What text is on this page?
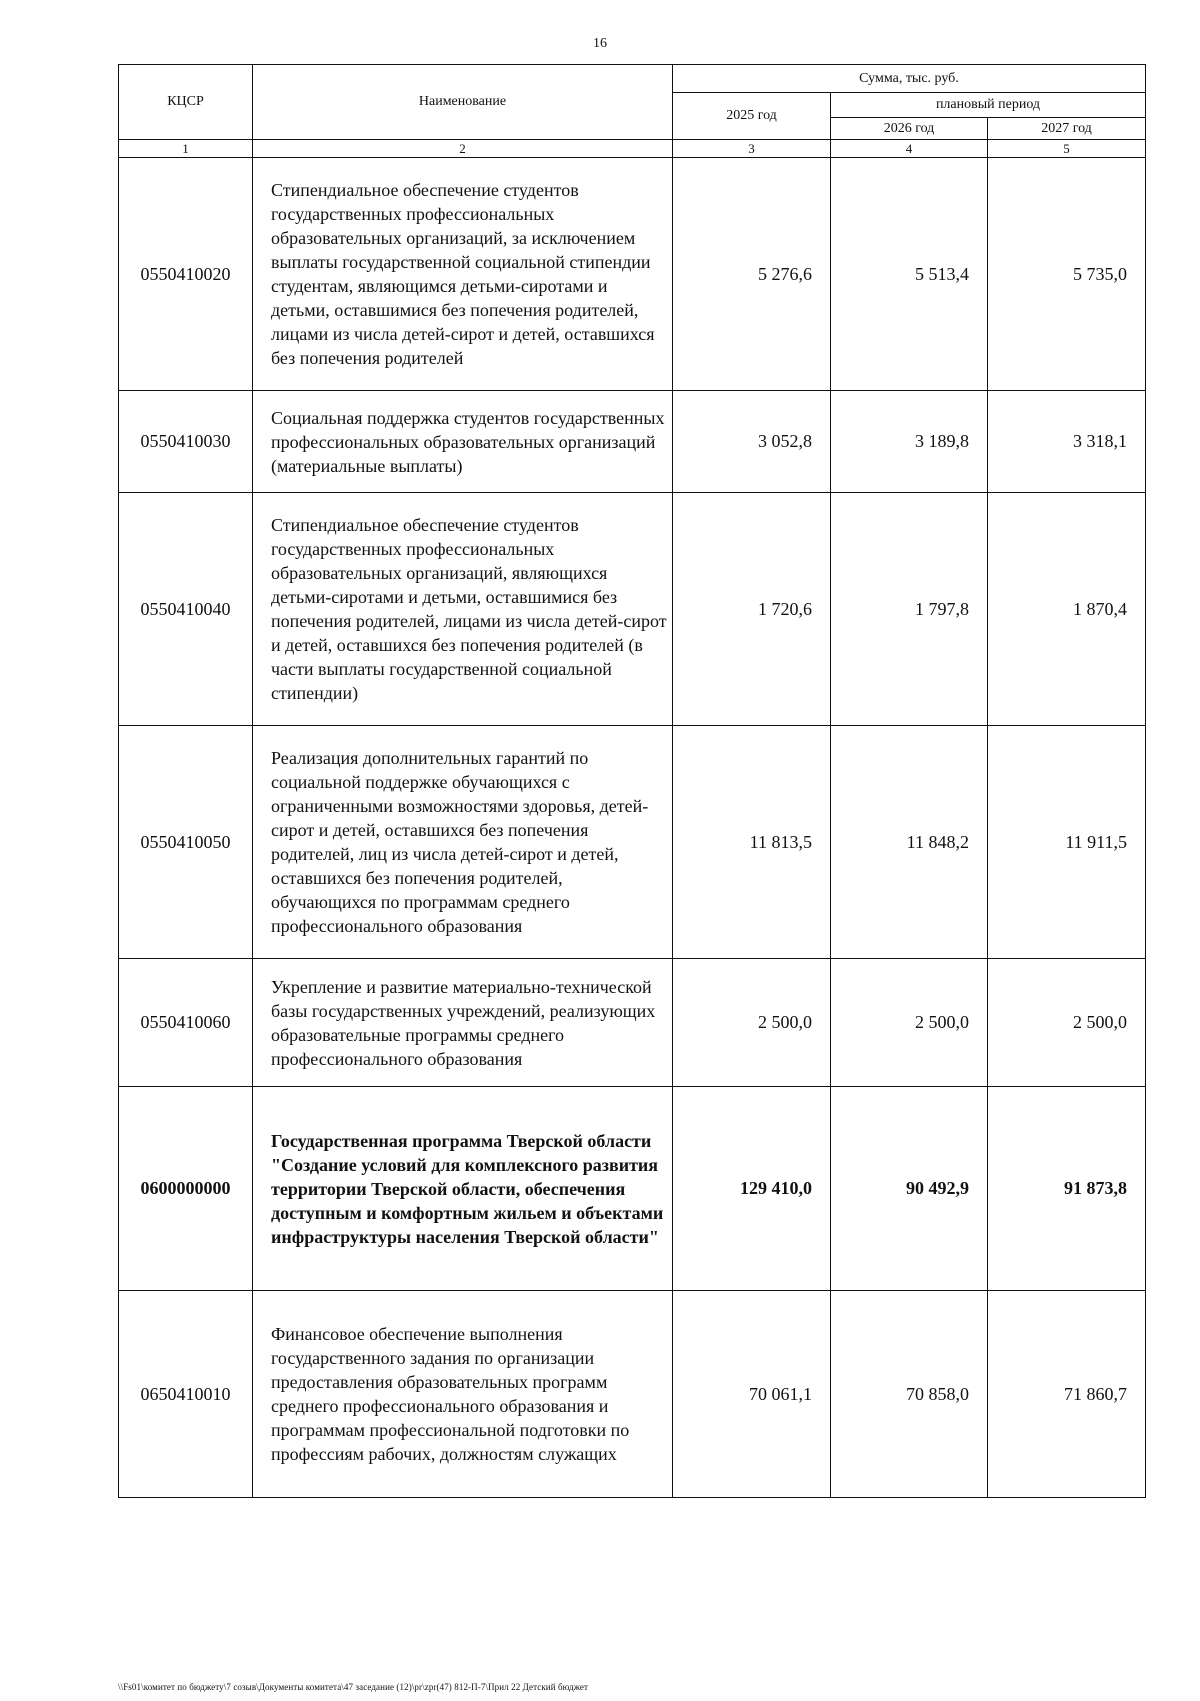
16
КЦСР	Наименование	Сумма, тыс. руб.		
		2025 год	плановый период	
			2026 год	2027 год
1	2	3	4	5
0550410020	Стипендиальное обеспечение студентов государственных профессиональных образовательных организаций, за исключением выплаты государственной социальной стипендии студентам, являющимся детьми-сиротами и детьми, оставшимися без попечения родителей, лицами из числа детей-сирот и детей, оставшихся без попечения родителей	5 276,6	5 513,4	5 735,0
0550410030	Социальная поддержка студентов государственных профессиональных образовательных организаций (материальные выплаты)	3 052,8	3 189,8	3 318,1
0550410040	Стипендиальное обеспечение студентов государственных профессиональных образовательных организаций, являющихся детьми-сиротами и детьми, оставшимися без попечения родителей, лицами из числа детей-сирот и детей, оставшихся без попечения родителей (в части выплаты государственной социальной стипендии)	1 720,6	1 797,8	1 870,4
0550410050	Реализация дополнительных гарантий по социальной поддержке обучающихся с ограниченными возможностями здоровья, детей-сирот и детей, оставшихся без попечения родителей, лиц из числа детей-сирот и детей, оставшихся без попечения родителей, обучающихся по программам среднего профессионального образования	11 813,5	11 848,2	11 911,5
0550410060	Укрепление и развитие материально-технической базы государственных учреждений, реализующих образовательные программы среднего профессионального образования	2 500,0	2 500,0	2 500,0
0600000000	Государственная программа Тверской области "Создание условий для комплексного развития территории Тверской области, обеспечения доступным и комфортным жильем и объектами инфраструктуры населения Тверской области"	129 410,0	90 492,9	91 873,8
0650410010	Финансовое обеспечение выполнения государственного задания по организации предоставления образовательных программ среднего профессионального образования и программам профессиональной подготовки по профессиям рабочих, должностям служащих	70 061,1	70 858,0	71 860,7
\\Fs01\комитет по бюджету\7 созыв\Документы комитета\47 заседание (12)\pr\zpr(47) 812-П-7\Прил 22 Детский бюджет
